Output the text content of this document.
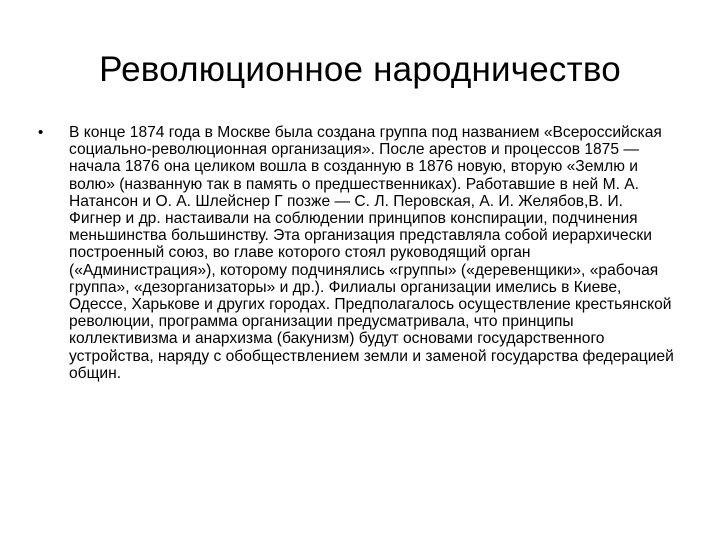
Революционное народничество
• В конце 1874 года в Москве была создана группа под названием «Всероссийская социально-революционная организация». После арестов и процессов 1875 — начала 1876 она целиком вошла в созданную в 1876 новую, вторую «Землю и волю» (названную так в память о предшественниках). Работавшие в ней М. А. Натансон и О. А. Шлейснер Г позже — С. Л. Перовская, А. И. Желябов,В. И. Фигнер и др. настаивали на соблюдении принципов конспирации, подчинения меньшинства большинству. Эта организация представляла собой иерархически построенный союз, во главе которого стоял руководящий орган («Администрация»), которому подчинялись «группы» («деревенщики», «рабочая группа», «дезорганизаторы» и др.). Филиалы организации имелись в Киеве, Одессе, Харькове и других городах. Предполагалось осуществление крестьянской революции, программа организации предусматривала, что принципы коллективизма и анархизма (бакунизм) будут основами государственного устройства, наряду с обобществлением земли и заменой государства федерацией общин.
